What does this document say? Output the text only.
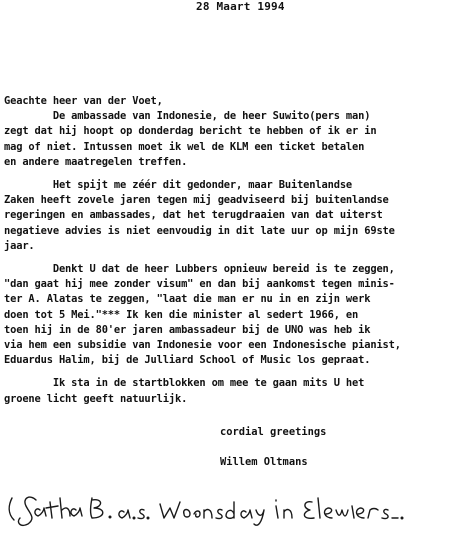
28 Maart 1994
Geachte heer van der Voet,
De ambassade van Indonesie, de heer Suwito(pers man)
zegt dat hij hoopt op donderdag bericht te hebben of ik er in
mag of niet. Intussen moet ik wel de KLM een ticket betalen
en andere maatregelen treffen.
Het spijt me zéér dit gedonder, maar Buitenlandse
Zaken heeft zovele jaren tegen mij geadviseerd bij buitenlandse
regeringen en ambassades, dat het terugdraaien van dat uiterst
negatieve advies is niet eenvoudig in dit late uur op mijn 69ste
jaar.
Denkt U dat de heer Lubbers opnieuw bereid is te zeggen,
"dan gaat hij mee zonder visum" en dan bij aankomst tegen minis-
ter A. Alatas te zeggen, "laat die man er nu in en zijn werk
doen tot 5 Mei."*** Ik ken die minister al sedert 1966, en
toen hij in de 80'er jaren ambassadeur bij de UNO was heb ik
via hem een subsidie van Indonesie voor een Indonesische pianist,
Eduardus Halim, bij de Julliard School of Music los gepraat.
Ik sta in de startblokken om mee te gaan mits U het
groene licht geeft natuurlijk.
cordial greetings
Willem Oltmans
